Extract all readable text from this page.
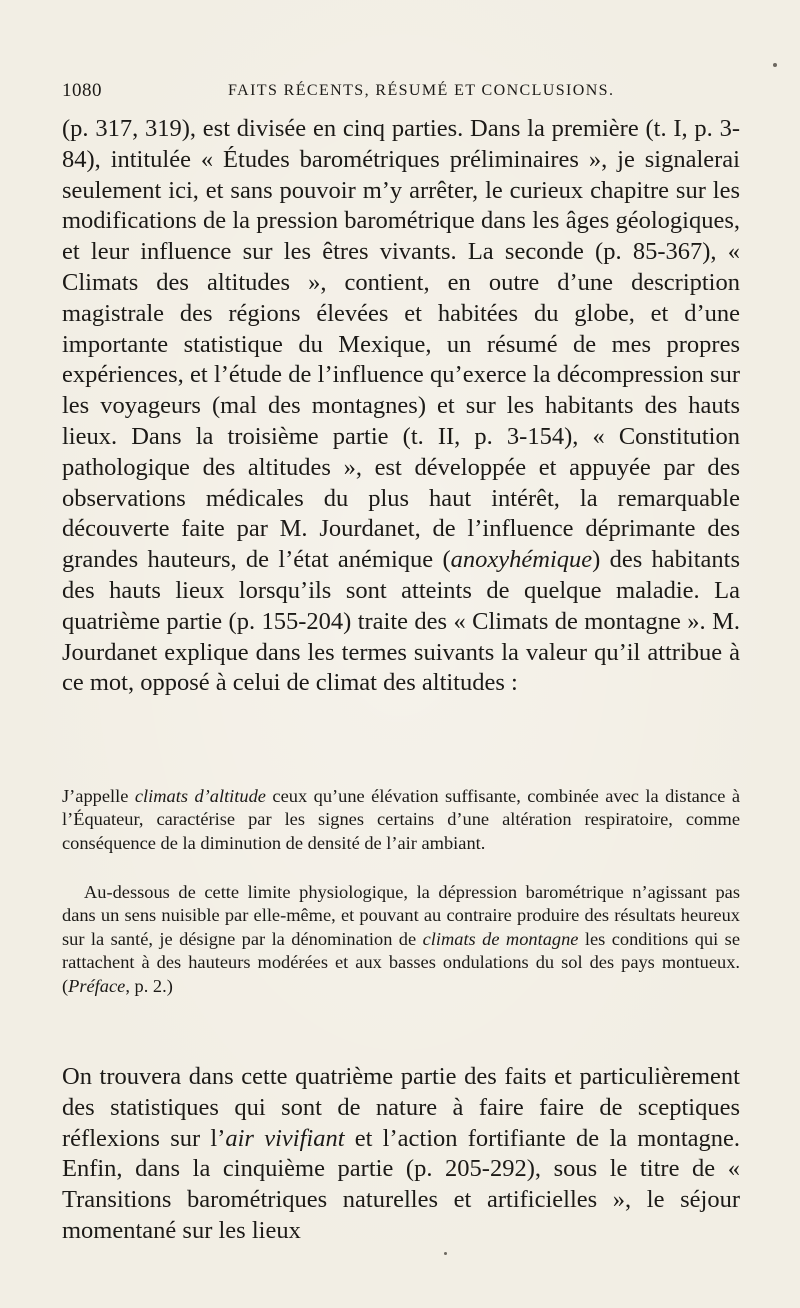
1080	FAITS RÉCENTS, RÉSUMÉ ET CONCLUSIONS.

(p. 317, 319), est divisée en cinq parties. Dans la première (t. I, p. 3-84), intitulée « Études barométriques préliminaires », je signalerai seulement ici, et sans pouvoir m’y arrêter, le curieux chapitre sur les modifications de la pression barométrique dans les âges géologiques, et leur influence sur les êtres vivants. La seconde (p. 85-367), « Climats des altitudes », contient, en outre d’une description magistrale des régions élevées et habitées du globe, et d’une importante statistique du Mexique, un résumé de mes propres expériences, et l’étude de l’influence qu’exerce la décompression sur les voyageurs (mal des montagnes) et sur les habitants des hauts lieux. Dans la troisième partie (t. II, p. 3-154), « Constitution pathologique des altitudes », est développée et appuyée par des observations médicales du plus haut intérêt, la remarquable découverte faite par M. Jourdanet, de l’influence déprimante des grandes hauteurs, de l’état anémique (anoxyhémique) des habitants des hauts lieux lorsqu’ils sont atteints de quelque maladie. La quatrième partie (p. 155-204) traite des « Climats de montagne ». M. Jourdanet explique dans les termes suivants la valeur qu’il attribue à ce mot, opposé à celui de climat des altitudes :

J’appelle climats d’altitude ceux qu’une élévation suffisante, combinée avec la distance à l’Équateur, caractérise par les signes certains d’une altération respiratoire, comme conséquence de la diminution de densité de l’air ambiant.

Au-dessous de cette limite physiologique, la dépression barométrique n’agissant pas dans un sens nuisible par elle-même, et pouvant au contraire produire des résultats heureux sur la santé, je désigne par la dénomination de climats de montagne les conditions qui se rattachent à des hauteurs modérées et aux basses ondulations du sol des pays montueux. (Préface, p. 2.)

On trouvera dans cette quatrième partie des faits et particulièrement des statistiques qui sont de nature à faire faire de sceptiques réflexions sur l’air vivifiant et l’action fortifiante de la montagne. Enfin, dans la cinquième partie (p. 205-292), sous le titre de « Transitions barométriques naturelles et artificielles », le séjour momentané sur les lieux
